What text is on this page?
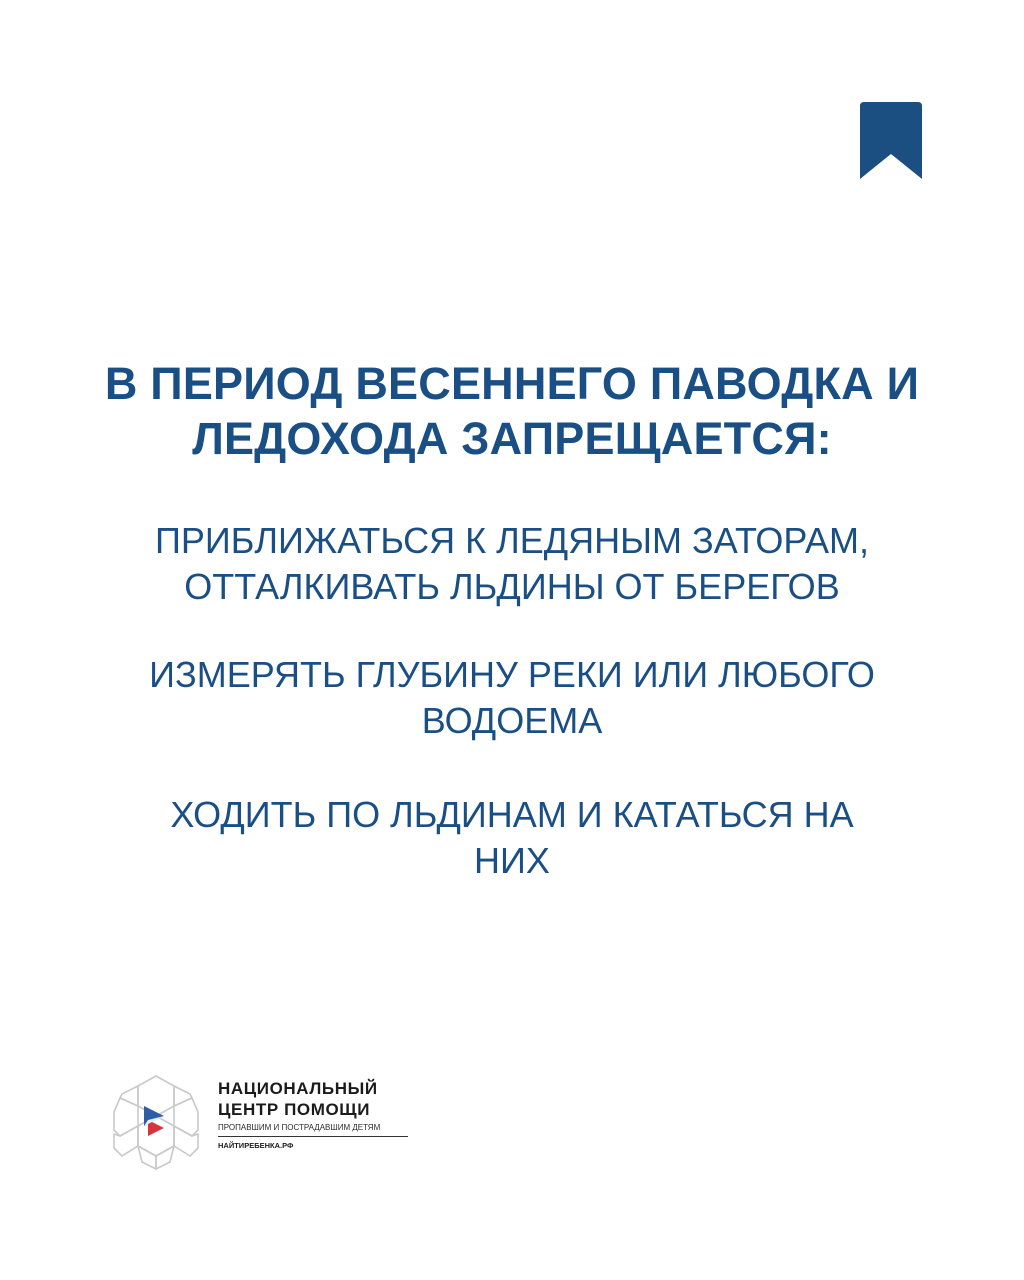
В ПЕРИОД ВЕСЕННЕГО ПАВОДКА И
ЛЕДОХОДА ЗАПРЕЩАЕТСЯ:
ПРИБЛИЖАТЬСЯ К ЛЕДЯНЫМ ЗАТОРАМ,
ОТТАЛКИВАТЬ ЛЬДИНЫ ОТ БЕРЕГОВ
ИЗМЕРЯТЬ ГЛУБИНУ РЕКИ ИЛИ ЛЮБОГО
ВОДОЕМА
ХОДИТЬ ПО ЛЬДИНАМ И КАТАТЬСЯ НА
НИХ
НАЦИОНАЛЬНЫЙ
ЦЕНТР ПОМОЩИ
ПРОПАВШИМ И ПОСТРАДАВШИМ ДЕТЯМ
НАЙТИРЕБЕНКА.РФ
